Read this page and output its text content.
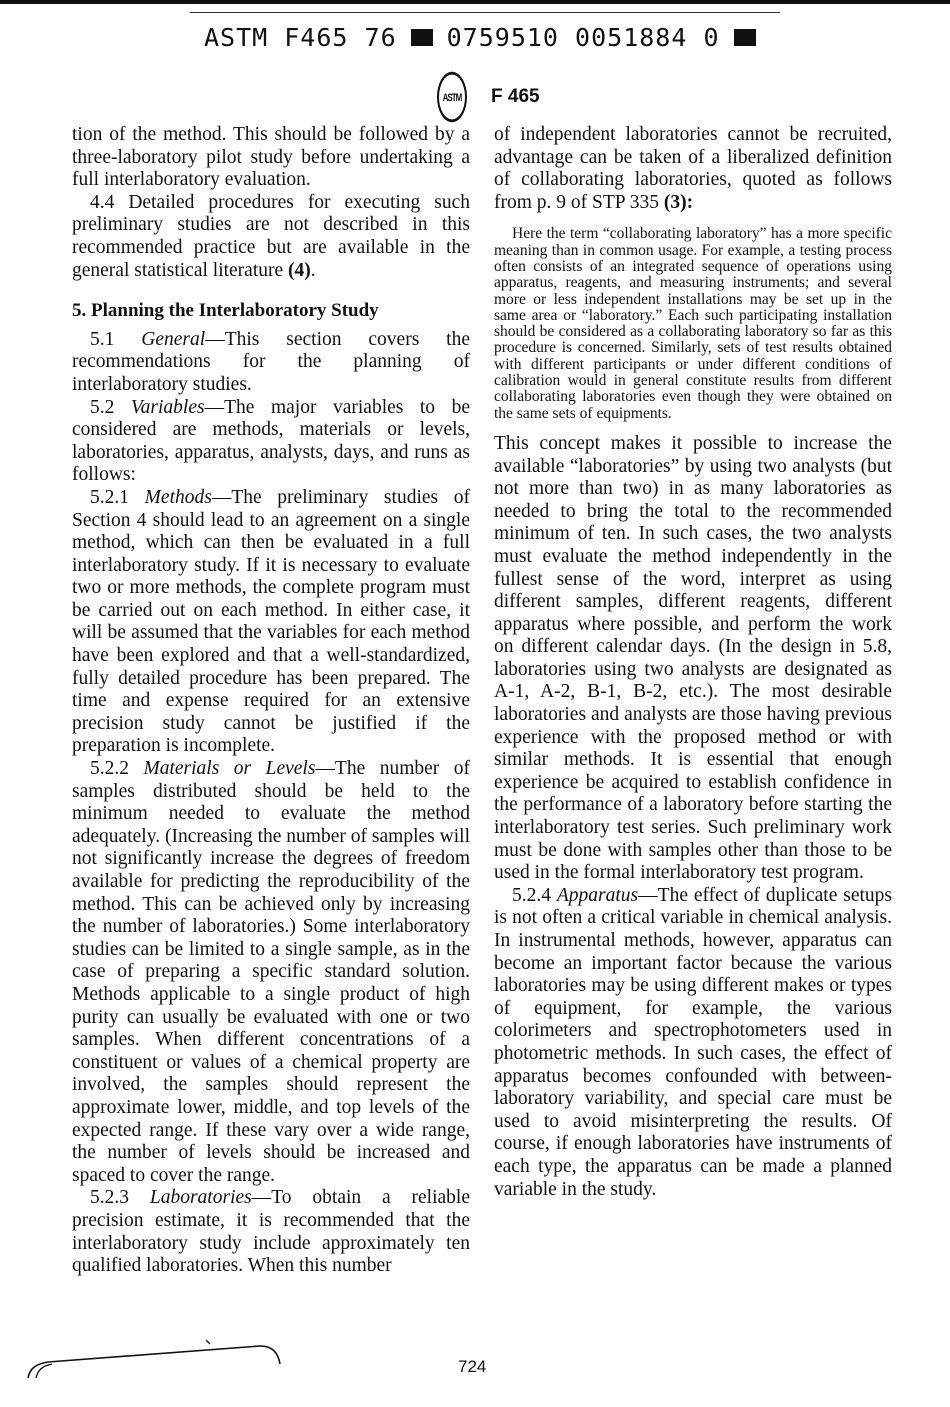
ASTM F465 76 0759510 0051884 0
ASTM F 465

tion of the method. This should be followed by a three-laboratory pilot study before undertaking a full interlaboratory evaluation.

4.4 Detailed procedures for executing such preliminary studies are not described in this recommended practice but are available in the general statistical literature (4).

5. Planning the Interlaboratory Study

5.1 General—This section covers the recommendations for the planning of interlaboratory studies.

5.2 Variables—The major variables to be considered are methods, materials or levels, laboratories, apparatus, analysts, days, and runs as follows:

5.2.1 Methods—The preliminary studies of Section 4 should lead to an agreement on a single method, which can then be evaluated in a full interlaboratory study. If it is necessary to evaluate two or more methods, the complete program must be carried out on each method. In either case, it will be assumed that the variables for each method have been explored and that a well-standardized, fully detailed procedure has been prepared. The time and expense required for an extensive precision study cannot be justified if the preparation is incomplete.

5.2.2 Materials or Levels—The number of samples distributed should be held to the minimum needed to evaluate the method adequately. (Increasing the number of samples will not significantly increase the degrees of freedom available for predicting the reproducibility of the method. This can be achieved only by increasing the number of laboratories.) Some interlaboratory studies can be limited to a single sample, as in the case of preparing a specific standard solution. Methods applicable to a single product of high purity can usually be evaluated with one or two samples. When different concentrations of a constituent or values of a chemical property are involved, the samples should represent the approximate lower, middle, and top levels of the expected range. If these vary over a wide range, the number of levels should be increased and spaced to cover the range.

5.2.3 Laboratories—To obtain a reliable precision estimate, it is recommended that the interlaboratory study include approximately ten qualified laboratories. When this number

of independent laboratories cannot be recruited, advantage can be taken of a liberalized definition of collaborating laboratories, quoted as follows from p. 9 of STP 335 (3):

Here the term “collaborating laboratory” has a more specific meaning than in common usage. For example, a testing process often consists of an integrated sequence of operations using apparatus, reagents, and measuring instruments; and several more or less independent installations may be set up in the same area or “laboratory.” Each such participating installation should be considered as a collaborating laboratory so far as this procedure is concerned. Similarly, sets of test results obtained with different participants or under different conditions of calibration would in general constitute results from different collaborating laboratories even though they were obtained on the same sets of equipments.

This concept makes it possible to increase the available “laboratories” by using two analysts (but not more than two) in as many laboratories as needed to bring the total to the recommended minimum of ten. In such cases, the two analysts must evaluate the method independently in the fullest sense of the word, interpret as using different samples, different reagents, different apparatus where possible, and perform the work on different calendar days. (In the design in 5.8, laboratories using two analysts are designated as A-1, A-2, B-1, B-2, etc.). The most desirable laboratories and analysts are those having previous experience with the proposed method or with similar methods. It is essential that enough experience be acquired to establish confidence in the performance of a laboratory before starting the interlaboratory test series. Such preliminary work must be done with samples other than those to be used in the formal interlaboratory test program.

5.2.4 Apparatus—The effect of duplicate setups is not often a critical variable in chemical analysis. In instrumental methods, however, apparatus can become an important factor because the various laboratories may be using different makes or types of equipment, for example, the various colorimeters and spectrophotometers used in photometric methods. In such cases, the effect of apparatus becomes confounded with between-laboratory variability, and special care must be used to avoid misinterpreting the results. Of course, if enough laboratories have instruments of each type, the apparatus can be made a planned variable in the study.

724
